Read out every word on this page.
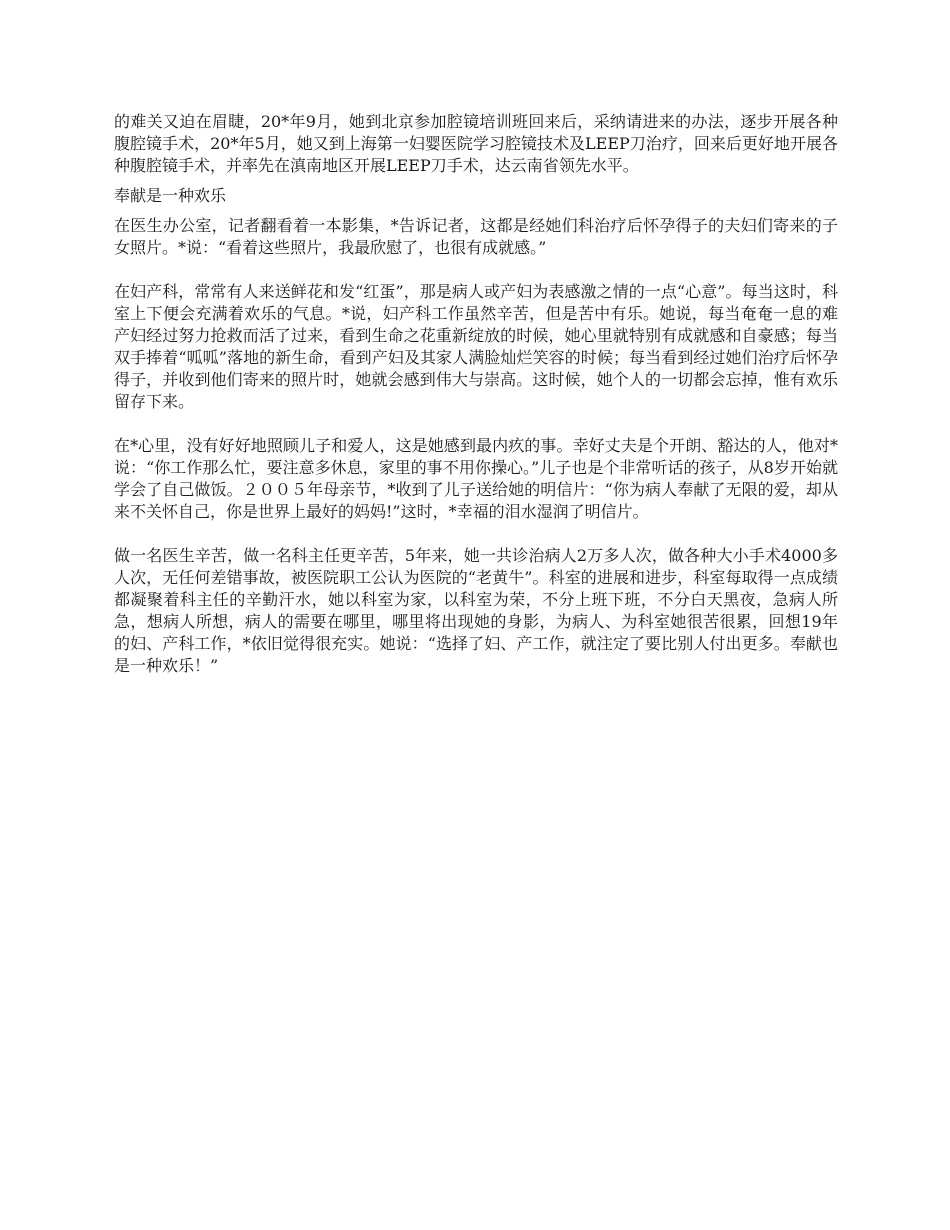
的难关又迫在眉睫，20*年9月，她到北京参加腔镜培训班回来后，采纳请进来的办法，逐步开展各种腹腔镜手术，20*年5月，她又到上海第一妇婴医院学习腔镜技术及LEEP刀治疗，回来后更好地开展各种腹腔镜手术，并率先在滇南地区开展LEEP刀手术，达云南省领先水平。

奉献是一种欢乐

在医生办公室，记者翻看着一本影集，*告诉记者，这都是经她们科治疗后怀孕得子的夫妇们寄来的子女照片。*说：“看着这些照片，我最欣慰了，也很有成就感。”

在妇产科，常常有人来送鲜花和发“红蛋”，那是病人或产妇为表感激之情的一点“心意”。每当这时，科室上下便会充满着欢乐的气息。*说，妇产科工作虽然辛苦，但是苦中有乐。她说，每当奄奄一息的难产妇经过努力抢救而活了过来，看到生命之花重新绽放的时候，她心里就特别有成就感和自豪感；每当双手捧着“呱呱”落地的新生命，看到产妇及其家人满脸灿烂笑容的时候；每当看到经过她们治疗后怀孕得子，并收到他们寄来的照片时，她就会感到伟大与崇高。这时候，她个人的一切都会忘掉，惟有欢乐留存下来。

在*心里，没有好好地照顾儿子和爱人，这是她感到最内疚的事。幸好丈夫是个开朗、豁达的人，他对*说：“你工作那么忙，要注意多休息，家里的事不用你操心。”儿子也是个非常听话的孩子，从8岁开始就学会了自己做饭。２００５年母亲节，*收到了儿子送给她的明信片：“你为病人奉献了无限的爱，却从来不关怀自己，你是世界上最好的妈妈!”这时，*幸福的泪水湿润了明信片。

做一名医生辛苦，做一名科主任更辛苦，5年来，她一共诊治病人2万多人次，做各种大小手术4000多人次，无任何差错事故，被医院职工公认为医院的“老黄牛”。科室的进展和进步，科室每取得一点成绩都凝聚着科主任的辛勤汗水，她以科室为家，以科室为荣，不分上班下班，不分白天黑夜，急病人所急，想病人所想，病人的需要在哪里，哪里将出现她的身影，为病人、为科室她很苦很累，回想19年的妇、产科工作，*依旧觉得很充实。她说：“选择了妇、产工作，就注定了要比别人付出更多。奉献也是一种欢乐！”
